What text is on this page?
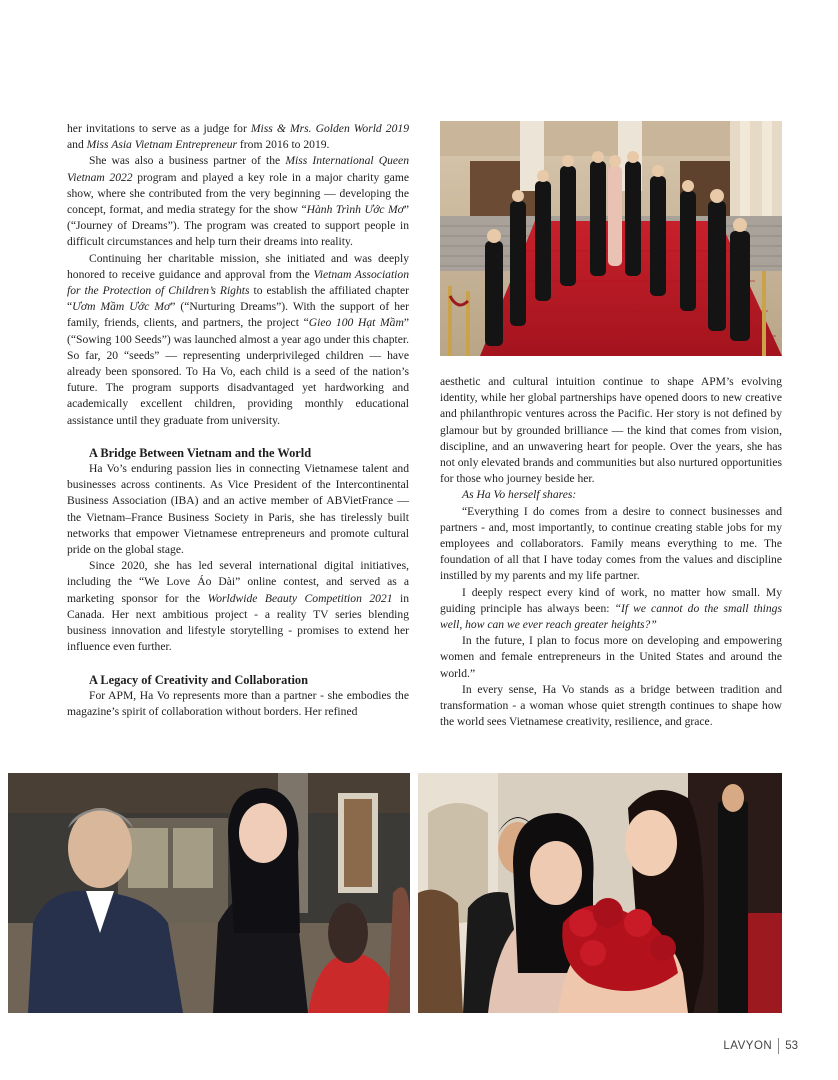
her invitations to serve as a judge for Miss & Mrs. Golden World 2019 and Miss Asia Vietnam Entrepreneur from 2016 to 2019.

She was also a business partner of the Miss International Queen Vietnam 2022 program and played a key role in a major charity game show, where she contributed from the very beginning — developing the concept, format, and media strategy for the show “Hành Trình Ước Mơ” (“Journey of Dreams”). The program was created to support people in difficult circumstances and help turn their dreams into reality.

Continuing her charitable mission, she initiated and was deeply honored to receive guidance and approval from the Vietnam Association for the Protection of Children’s Rights to establish the affiliated chapter “Ươm Mầm Ước Mơ” (“Nurturing Dreams”). With the support of her family, friends, clients, and partners, the project “Gieo 100 Hạt Mầm” (“Sowing 100 Seeds”) was launched almost a year ago under this chapter. So far, 20 “seeds” — representing underprivileged children — have already been sponsored. To Ha Vo, each child is a seed of the nation’s future. The program supports disadvantaged yet hardworking and academically excellent children, providing monthly educational assistance until they graduate from university.

A Bridge Between Vietnam and the World

Ha Vo’s enduring passion lies in connecting Vietnamese talent and businesses across continents. As Vice President of the Intercontinental Business Association (IBA) and an active member of ABVietFrance — the Vietnam–France Business Society in Paris, she has tirelessly built networks that empower Vietnamese entrepreneurs and promote cultural pride on the global stage.

Since 2020, she has led several international digital initiatives, including the “We Love Áo Dài” online contest, and served as a marketing sponsor for the Worldwide Beauty Competition 2021 in Canada. Her next ambitious project - a reality TV series blending business innovation and lifestyle storytelling - promises to extend her influence even further.

A Legacy of Creativity and Collaboration

For APM, Ha Vo represents more than a partner - she embodies the magazine’s spirit of collaboration without borders. Her refined

aesthetic and cultural intuition continue to shape APM’s evolving identity, while her global partnerships have opened doors to new creative and philanthropic ventures across the Pacific. Her story is not defined by glamour but by grounded brilliance — the kind that comes from vision, discipline, and an unwavering heart for people. Over the years, she has not only elevated brands and communities but also nurtured opportunities for those who journey beside her.

As Ha Vo herself shares:

“Everything I do comes from a desire to connect businesses and partners - and, most importantly, to continue creating stable jobs for my employees and collaborators. Family means everything to me. The foundation of all that I have today comes from the values and discipline instilled by my parents and my life partner.

I deeply respect every kind of work, no matter how small. My guiding principle has always been: “If we cannot do the small things well, how can we ever reach greater heights?”

In the future, I plan to focus more on developing and empowering women and female entrepreneurs in the United States and around the world.”

In every sense, Ha Vo stands as a bridge between tradition and transformation - a woman whose quiet strength continues to shape how the world sees Vietnamese creativity, resilience, and grace.

LAVYON 53
